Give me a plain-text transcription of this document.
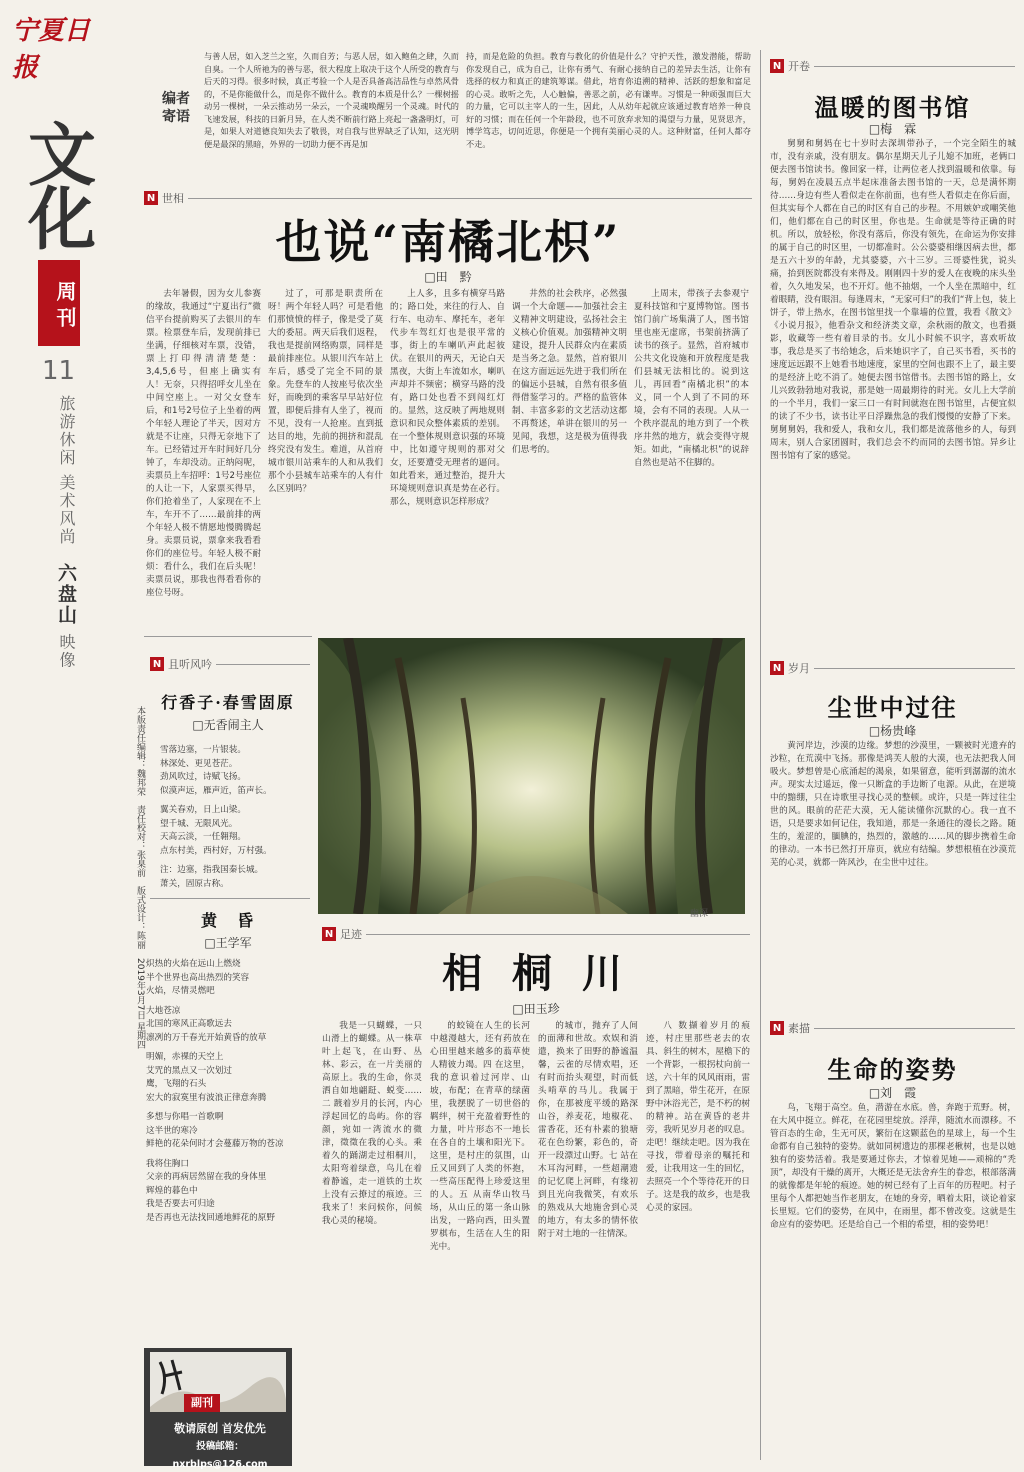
宁夏日报
文
化
周刊
11
旅游休闲 美术风尚 六盘山 映像
本版责任编辑：魏邦荣　责任校对：张臬前　版式设计：陈丽　2019年3月7日 星期四
编者寄语
与善人居，如入芝兰之室，久而自芳；与恶人居，如入鲍鱼之肆，久而自臭。一个人所祂为的善与恶，很大程度上取决于这个人所受的教育与后天的习得。很多时候，真正考验一个人是否具备高洁品性与卓然风骨的，不是你能做什么，而是你不做什么。教育的本质是什么？一棵树摇动另一棵树，一朵云推动另一朵云，一个灵魂唤醒另一个灵魂。时代的飞速发展，科技的日新月异，在人类不断前行路上亮起一盏盏明灯，可是，如果人对道德良知失去了敬畏，对自我与世界缺乏了认知，这光明便是最深的黑暗，外界的一切助力便不再是加
持，而是危险的负担。教育与教化的价值是什么？守护天性，激发潜能，帮助你发现自己，成为自己，让你有勇气、有耐心接纳自己的差异去生活，让你有选择的权力和真正的建筑筹谋。借此，培育你追溯的精神、活跃的想象和富足的心灵。敢听之先，人心触偏，善恶之前，必有谦卑。习惯是一种顽强而巨大的力量，它可以主宰人的一生，因此，人从幼年起就应该通过教育培养一种良好的习惯；而在任何一个年龄段，也不可放弃求知的渴望与力量，见贤思齐，博学笃志，切问近思，你便是一个拥有美丽心灵的人。这种财富，任何人都夺不走。
N 世相
也说“南橘北枳”
□ 田　黔

去年暑假，因为女儿参赛的缘故，我通过“宁夏出行”微信平台提前购买了去银川的车票。检票登车后，发现前排已坐满，仔细核对车票，没错，票上打印得清清楚楚：3,4,5,6号，但座上确实有人！无奈，只得招呼女儿坐在中间空座上。一对父女登车后，和1号2号位子上坐着的两个年轻人理论了半天，因对方就是不让座，只得无奈地下了车。已经错过开车时间好几分钟了，车却没动。正纳闷呢，卖票员上车招呼：1号2号座位的人让一下，人家票买得早，你们抢着坐了，人家现在不上车，车开不了……最前排的两个年轻人极不情愿地慢腾腾起身。卖票员说，票拿来我看看你们的座位号。年轻人极不耐烦：看什么，我们在后头呢！卖票员说，那我也得看看你的座位号呀。

过了，可那是职责所在呀！两个年轻人吗？可是看他们那愤愤的样子，像是受了莫大的委屈。两天后我们返程，我也是提前网络购票，同样是最前排座位。从银川汽车站上车后，感受了完全不同的景象。先登车的人按座号依次坐好，而晚到的乘客早早站好位置，即便后排有人坐了，视而不见，没有一人抢座。直到抵达目的地，先前的拥挤和混乱终究没有发生。难道，从首府城市银川站乘车的人和从我们那个小县城车站乘车的人有什么区别吗？

上人多，且多有横穿马路的；路口处，来往的行人、自行车、电动车、摩托车，老年代步车驾红灯也是很平常的事，街上的车喇叭声此起彼伏。在银川的两天，无论白天黑夜，大街上车流如水，喇叭声却并不频密；横穿马路的没有，路口处也看不到闯红灯的。显然，这反映了两地规则意识和民众整体素质的差别。在一个整体规则意识强的环境中，比如遵守规则的那对父女，还要遭受无理者的逼问。如此看来，通过整治，提升大环境规则意识真是势在必行。那么，规则意识怎样形成？

井然的社会秩序，必然强调一个大命题——加强社会主义精神文明建设，弘扬社会主义核心价值观。加强精神文明建设，提升人民群众内在素质是当务之急。显然，首府银川在这方面远远先进于我们所在的偏远小县城，自然有很多值得借鉴学习的。严格的监管体制、丰富多彩的文艺活动这都不再赘述，单讲在银川的另一见闻，我想，这是极为值得我们思考的。

上周末，带孩子去参观宁夏科技馆和宁夏博物馆。图书馆门前广场集满了人，图书馆里也座无虚席，书架前挤满了读书的孩子。显然，首府城市公共文化设施和开放程度是我们县城无法相比的。说到这儿，再回看“南橘北枳”的本义，同一个人到了不同的环境，会有不同的表现。人从一个秩序混乱的地方到了一个秩序井然的地方，就会变得守规矩。如此，“南橘北枳”的说辞自然也是站不住脚的。

N 开卷
温暖的图书馆
□ 梅　霖

舅舅和舅妈在七十岁时去深圳带孙子，一个完全陌生的城市，没有亲戚，没有朋友。偶尔星期天儿子儿媳不加班，老俩口便去图书馆读书。像回家一样，让两位老人找到温暖和依靠。每每，舅妈在凌晨五点半起床准备去图书馆的一天，总是满怀期待……身边有些人看似走在你前面，也有些人看似走在你后面，但其实每个人都在自己的时区有自己的步程。不用嫉妒或嘲笑他们，他们都在自己的时区里，你也是。生命就是等待正确的时机。所以，放轻松，你没有落后，你没有领先，在命运为你安排的属于自己的时区里，一切都准时。公公婆婆相继因病去世，都是五六十岁的年龄，尤其婆婆，六十三岁。三哥婆性犹，说头痛，抬到医院都没有来得及。刚刚四十岁的爱人在夜晚的床头坐着，久久地发呆，也不开灯。他不抽烟，一个人坐在黑暗中，红着眼睛，没有眼泪。每逢周末，“无家可归”的我们“背上包，装上饼子，带上热水，在图书馆里找一个靠墙的位置，我看《散文》《小说月报》，他看杂文和经济类文章，余秋雨的散文，也看摄影，收藏等一些有着目录的书。女儿小时候不识字，喜欢听故事，我总是买了书给她念，后来她识字了，自己买书看，买书的速度远远跟不上她看书地速度，家里的空间也跟不上了，最主要的是经济上吃不消了。她便去图书馆借书。去图书馆的路上，女儿兴致勃勃地对我说，那是她一周最期待的时光。女儿上大学前的一个半月，我们一家三口一有时间就泡在图书馆里，占便宜似的读了不少书，读书让平日浮躁焦急的我们慢慢的安静了下来。舅舅舅妈，我和爱人，我和女儿，我们都是流落他乡的人，每到周末，别人合家团圆时，我们总会不约而同的去图书馆。异乡让图书馆有了家的感觉。

N 岁月
尘世中过往
□ 杨贵峰

黄河岸边，沙漠的边缘。梦想的沙漠里，一颗被时光遗弃的沙粒，在荒漠中飞扬。那像是鸿芙人般的大漠，也无法把我人间吸火。梦想曾是心底涌起的渴泉，如果留意，能听到潺潺的流水声。现实太过遥远，像一只断盒的手边断了电源。从此，在逆境中的黯绷，只在诗歌里寻找心灵的整顿。或许，只是一阵过往尘世的风。眼前的茫茫大漠，无人能读懂你沉默的心。我一直不语，只是要求如何记住，我知道，那是一条通往的漫长之路。随生的，羞涩的，腼腆的，热烈的，激越的……风的脚步携着生命的律动。一本书已然打开扉页，就应有结编。梦想根植在沙漠荒芜的心灵，就都一阵风沙，在尘世中过往。

N 素描
生命的姿势
□ 刘　霞

鸟，飞翔于高空。鱼，潜游在水底。兽，奔跑于荒野。树，在大风中挺立。鲜花，在花园里绽放。浮萍，随流水而漂移。不管百态的生命，生无可厌，繁衍在这颗蓝色的星球上，每一个生命都有自己独特的姿势。就如同树遗边的那棵老楸树，也是以她独有的姿势活着。我是要通过你去，才惊着见她——顽棉的“秃顶”，却没有干燥的离开，大概还是无法舍弃生的眷恋，根部落满的就像都是年轮的痕迹。她的树已经有了上百年的历程吧。村子里每个人都把她当作老朋友，在她的身旁，晒着太阳，谈论着家长里短。它们的姿势，在风中，在雨里，都不曾改变。这就是生命应有的姿势吧。还是给自己一个相的希望，相的姿势吧！

N 且听风吟
行香子·春雪固原
□ 无香闹主人

雪落边塞，一片银装。
林深处、更见苍茫。
劲风吹过，诗赋飞扬。
似漠声远，雁声近，笛声长。

翼关春劝，日上山梁。
望千城、无限风光。
天高云淡，一任翱翔。
点东村美，西村好，万村强。

注：边塞，指我国秦长城。
萧关，固原古称。

黄　昏
□ 王学军

炽热的火焰在远山上燃烧
半个世界也高出热烈的笑容
火焰，尽情灵燃吧

大地苍凉
北国的寒风正高歌远去
凛冽的万千春光开始黄昏的放草

明媚，赤裸的天空上
艾咒的黑点又一次划过
鹰，飞翔的石头
宏大的寂寞里有波浪正律意奔腾

多想与你唱一首歌啊
这半世的寒冷
鲜艳的花朵何时才会蔓藤万物的苍凉

我将住胸口
父亲的再病居然留在我的身体里
辉煌的暮色中
我是否要去可归途
是否再也无法找回通地鲜花的原野

副刊
敬请原创 首发优先
投稿邮箱：nxrblps@126.com
幽深
N 足迹
相 桐 川
□ 田玉珍

我是一只蝴蝶，一只山滑上的蝴蝶。从一株草叶上起飞，在山野、丛林、彩云，在一片美丽的高原上。我的生命，你灵洒自如地翩跹、蜕变……二 踱着岁月的长河，内心浮起回忆的岛屿。你的容颜，宛如一湾流水的微津，徵徵在我的心头。乘着久的踊湖走过相桐川，太阳弯着绿意，鸟儿在着着静谧，走一道铁的土坎上没有云撩过的痕迹。三 我来了！来问候你，问候我心灵的秘境。

的蛟镜在人生的长河中越漫越大，还有药放在心田里越来越多的蓊草使人精彼力竭。四 在这里，我的意识着过河岸、山坡，布配；在青草的绿菌里，我摆脱了一切世俗的羁绊，树干充盈着野性的力量，叶片形态不一地长在各自的土壤和阳光下。这里，是村庄的氛围，山丘又回到了人类的怀抱，一些高压配得上珍爱这里的人。五 从南华山牧马场，从山丘的第一条山脉出发，一路向西，田头置罗棋布，生活在人生的阳光中。

的城市，抛弃了人间的面薄和世故。欢娱和消遣，换来了田野的静谧温馨，云雀的尽情欢唱，还有时而抬头观望，时而低头啃草的马儿。我属于你，在那被度平缓的路深山谷，养麦花，地椒花、雷香花，还有朴素的狼塘花在色纷繁，彩色的，奇开一段漂过山野。七 站在木耳沟河畔，一些超潮遗的记忆爬上河畔，有缘初到且光向我微笑，有欢乐的熟戏从大地施舍到心灵的地方，有太多的情怀依附于对土地的一往情深。

八 数撷着岁月的痕迹，村庄里那些老去的农具、斜生的树木，屋檐下的一个背影，一根拐杖向前一送，六十年的风风雨雨，雷到了黑暗，带生花开，在原野中沐浴光芒，是不朽的树的精神。站在黄昏的老井旁，我听见岁月老的叹息。走吧！继续走吧。因为我在寻找，带着母亲的嘱托和爱，让我用这一生的回忆，去照亮一个个等待花开的日子。这是我的故乡，也是我心灵的家园。
